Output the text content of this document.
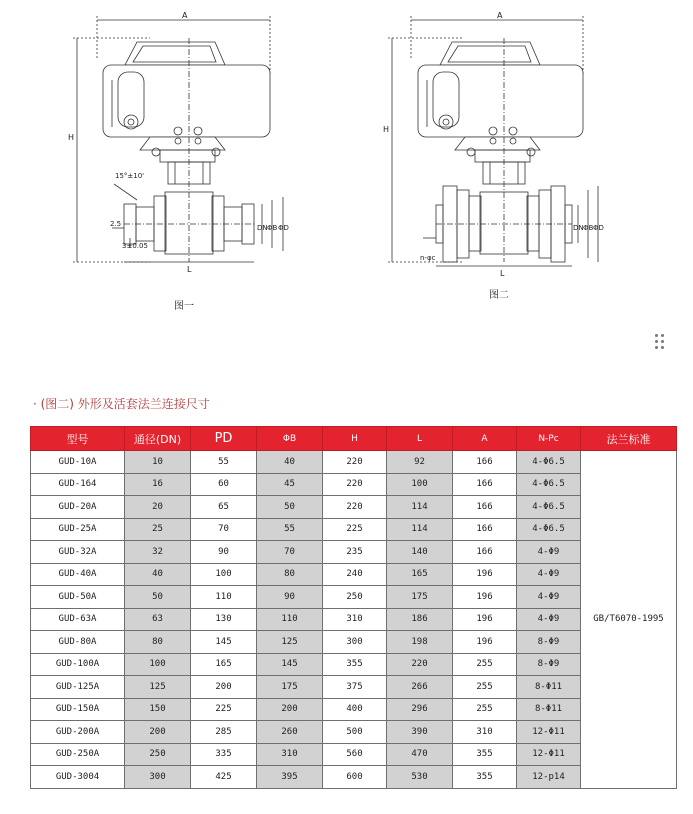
A
H
L
15°±10'
2.5
3±0.05
DN ΦB ΦD
A
H
L
n-φc
DN ΦB ΦD
图一
图二
· (图二) 外形及活套法兰连接尺寸
型号	通径(DN)	PD	ΦB	H	L	A	N-Pc	法兰标准
GUD-10A	10	55	40	220	92	166	4-Φ6.5	GB/T6070-1995
GUD-164	16	60	45	220	100	166	4-Φ6.5	
GUD-20A	20	65	50	220	114	166	4-Φ6.5	
GUD-25A	25	70	55	225	114	166	4-Φ6.5	
GUD-32A	32	90	70	235	140	166	4-Φ9	
GUD-40A	40	100	80	240	165	196	4-Φ9	
GUD-50A	50	110	90	250	175	196	4-Φ9	
GUD-63A	63	130	110	310	186	196	4-Φ9	
GUD-80A	80	145	125	300	198	196	8-Φ9	
GUD-100A	100	165	145	355	220	255	8-Φ9	
GUD-125A	125	200	175	375	266	255	8-Φ11	
GUD-150A	150	225	200	400	296	255	8-Φ11	
GUD-200A	200	285	260	500	390	310	12-Φ11	
GUD-250A	250	335	310	560	470	355	12-Φ11	
GUD-3004	300	425	395	600	530	355	12-p14	
